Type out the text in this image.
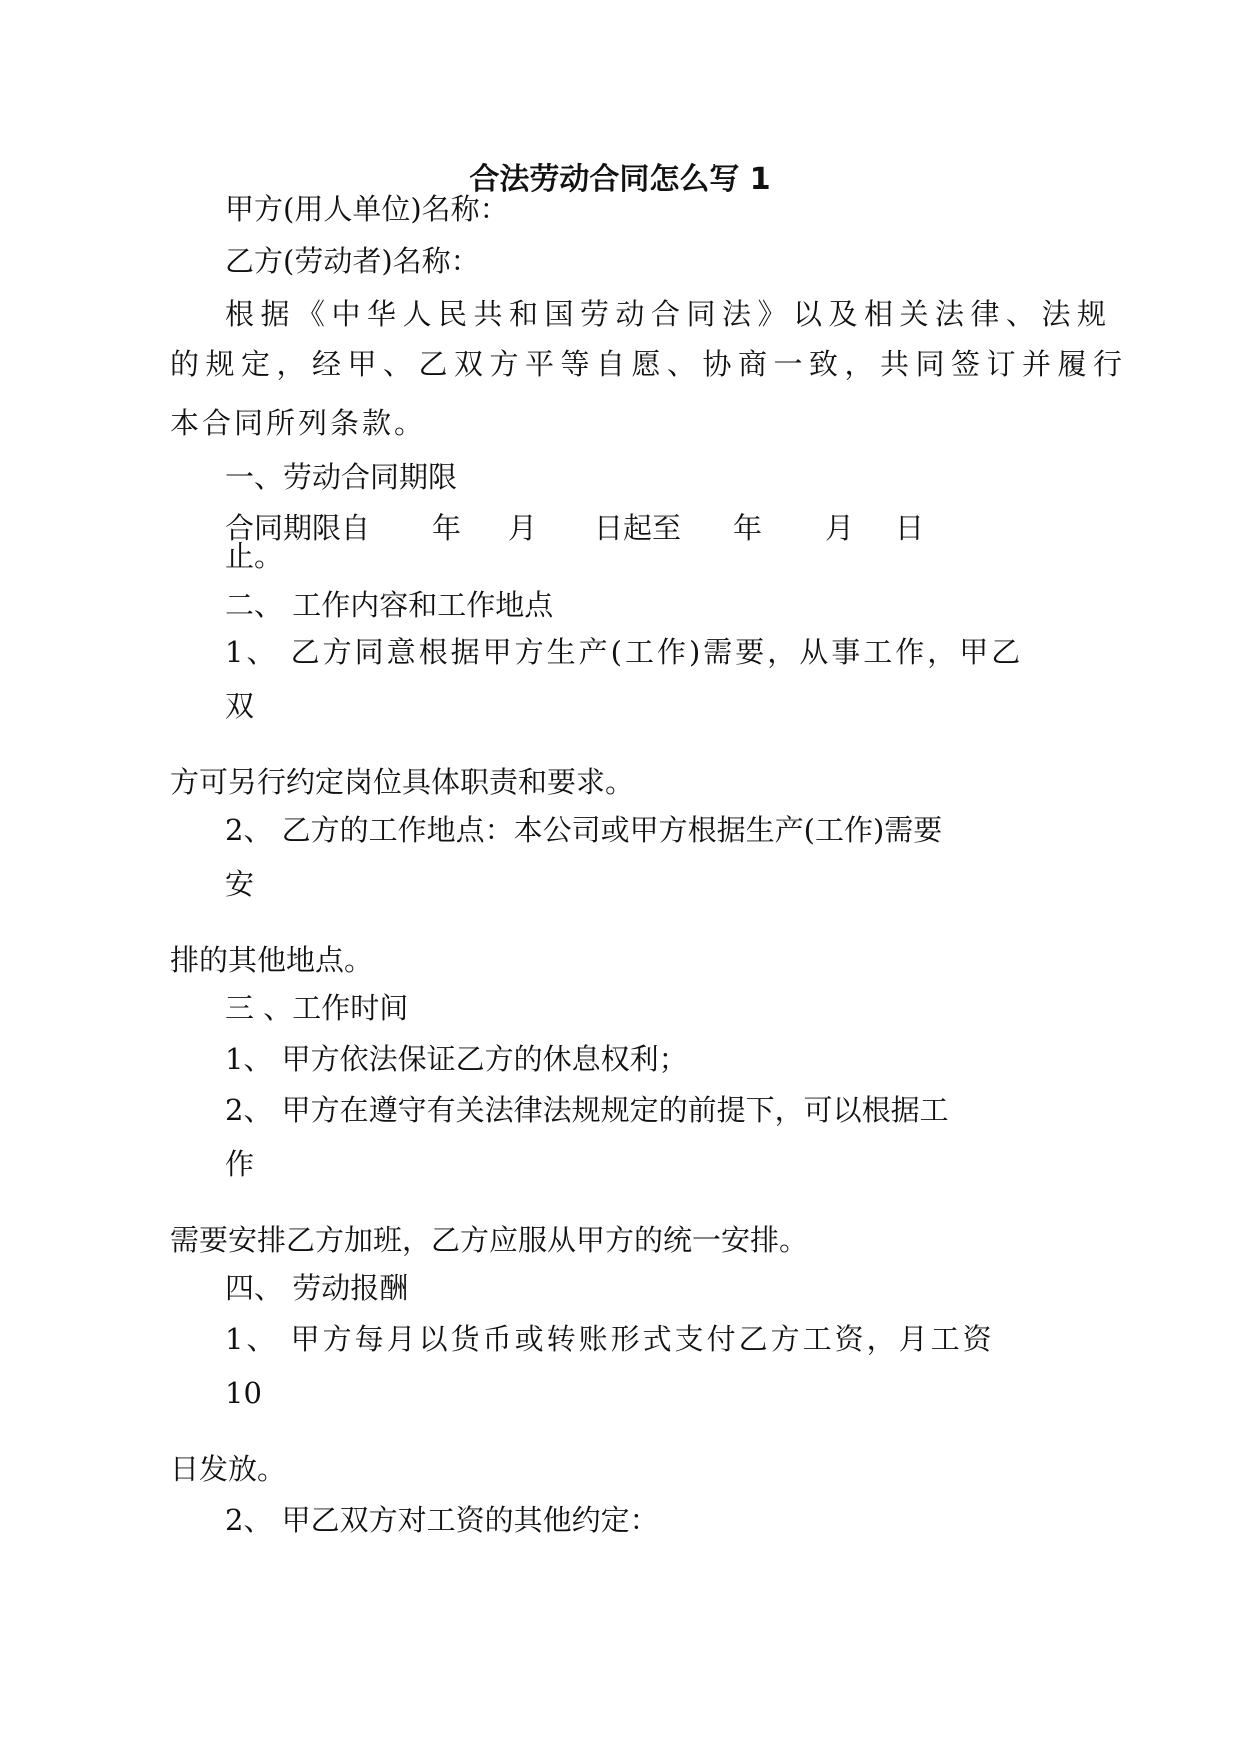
合法劳动合同怎么写 1
甲方(用人单位)名称：
乙方(劳动者)名称：
根据《中华人民共和国劳动合同法》以及相关法律、法规
的规定，经甲、乙双方平等自愿、协商一致，共同签订并履行
本合同所列条款。
一、劳动合同期限
合同期限自 年 月 日起至 年 月 日
止。
二、 工作内容和工作地点
1、 乙方同意根据甲方生产(工作)需要，从事工作，甲乙
双
方可另行约定岗位具体职责和要求。
2、 乙方的工作地点：本公司或甲方根据生产(工作)需要
安
排的其他地点。
三 、工作时间
1、 甲方依法保证乙方的休息权利；
2、 甲方在遵守有关法律法规规定的前提下，可以根据工
作
需要安排乙方加班，乙方应服从甲方的统一安排。
四、 劳动报酬
1、 甲方每月以货币或转账形式支付乙方工资，月工资
10
日发放。
2、 甲乙双方对工资的其他约定：
